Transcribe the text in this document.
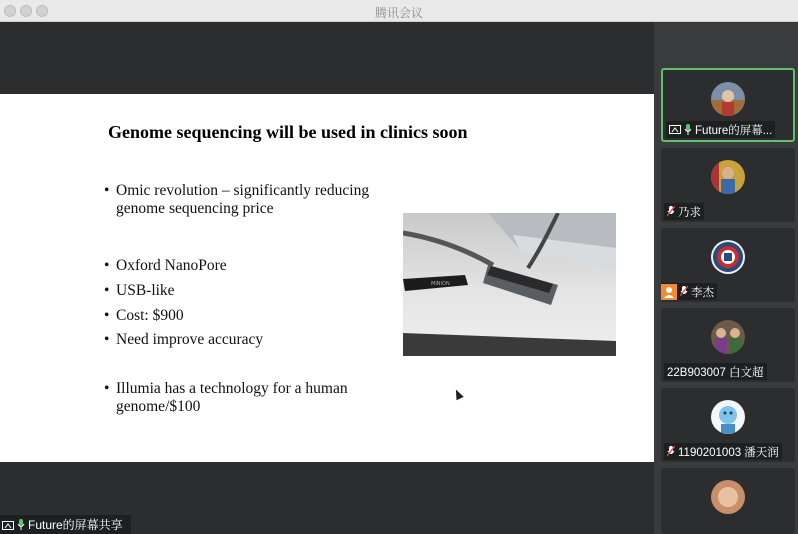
腾讯会议
Genome sequencing will be used in clinics soon
• Omic revolution – significantly reducing genome sequencing price
• Oxford NanoPore
• USB-like
• Cost: $900
• Need improve accuracy
• Illumia has a technology for a human genome/$100
MINION
Future的屏幕共享
Future的屏幕...
乃求
李杰
22B903007 白文超
1190201003 潘天润
